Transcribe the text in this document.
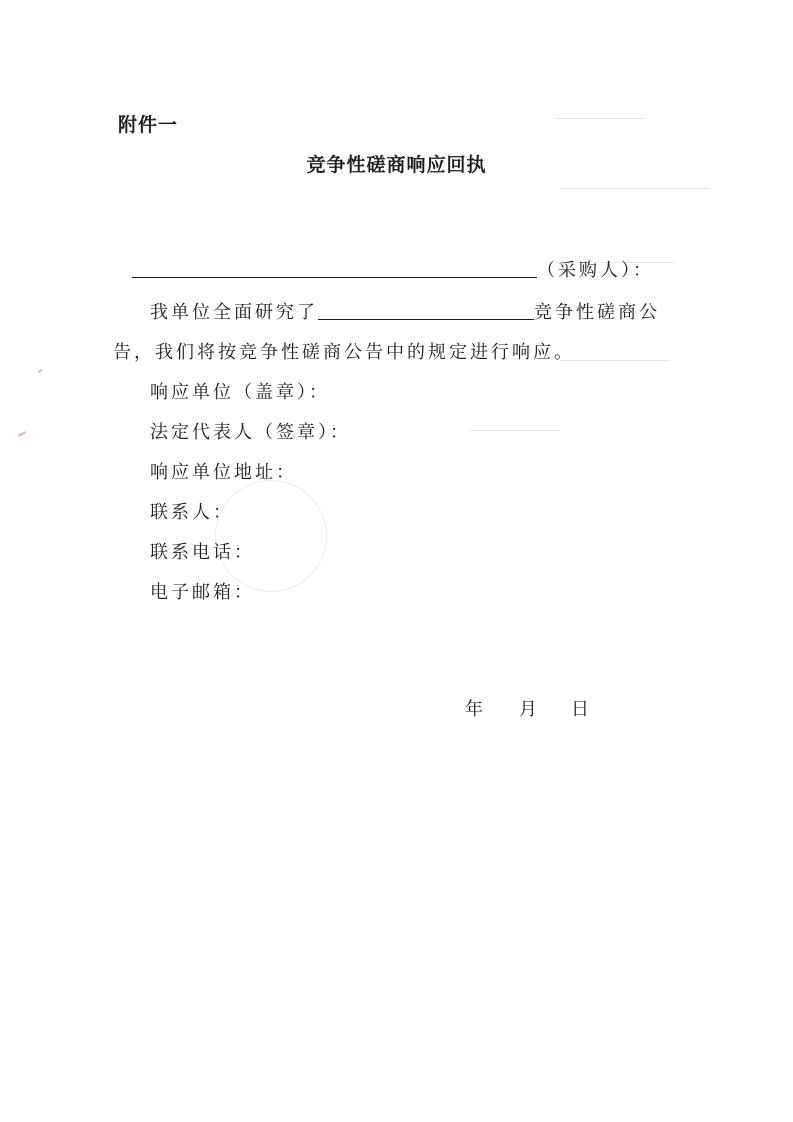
附件一
竞争性磋商响应回执
（采购人）：
我单位全面研究了	竞争性磋商公
告，我们将按竞争性磋商公告中的规定进行响应。
响应单位（盖章）：
法定代表人（签章）：
响应单位地址：
联系人：
联系电话：
电子邮箱：
年 月 日
